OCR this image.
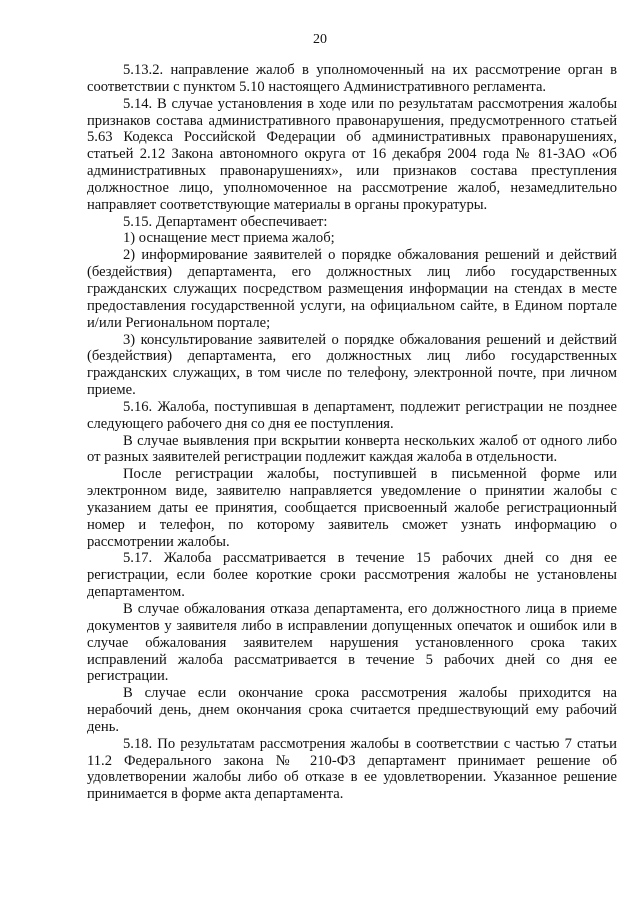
20

5.13.2. направление жалоб в уполномоченный на их рассмотрение орган в соответствии с пунктом 5.10 настоящего Административного регламента.

5.14. В случае установления в ходе или по результатам рассмотрения жалобы признаков состава административного правонарушения, предусмотренного статьей 5.63 Кодекса Российской Федерации об административных правонарушениях, статьей 2.12 Закона автономного округа от 16 декабря 2004 года № 81-ЗАО «Об административных правонарушениях», или признаков состава преступления должностное лицо, уполномоченное на рассмотрение жалоб, незамедлительно направляет соответствующие материалы в органы прокуратуры.

5.15. Департамент обеспечивает:

1) оснащение мест приема жалоб;

2) информирование заявителей о порядке обжалования решений и действий (бездействия) департамента, его должностных лиц либо государственных гражданских служащих посредством размещения информации на стендах в месте предоставления государственной услуги, на официальном сайте, в Едином портале и/или Региональном портале;

3) консультирование заявителей о порядке обжалования решений и действий (бездействия) департамента, его должностных лиц либо государственных гражданских служащих, в том числе по телефону, электронной почте, при личном приеме.

5.16. Жалоба, поступившая в департамент, подлежит регистрации не позднее следующего рабочего дня со дня ее поступления.

В случае выявления при вскрытии конверта нескольких жалоб от одного либо от разных заявителей регистрации подлежит каждая жалоба в отдельности.

После регистрации жалобы, поступившей в письменной форме или электронном виде, заявителю направляется уведомление о принятии жалобы с указанием даты ее принятия, сообщается присвоенный жалобе регистрационный номер и телефон, по которому заявитель сможет узнать информацию о рассмотрении жалобы.

5.17. Жалоба рассматривается в течение 15 рабочих дней со дня ее регистрации, если более короткие сроки рассмотрения жалобы не установлены департаментом.

В случае обжалования отказа департамента, его должностного лица в приеме документов у заявителя либо в исправлении допущенных опечаток и ошибок или в случае обжалования заявителем нарушения установленного срока таких исправлений жалоба рассматривается в течение 5 рабочих дней со дня ее регистрации.

В случае если окончание срока рассмотрения жалобы приходится на нерабочий день, днем окончания срока считается предшествующий ему рабочий день.

5.18. По результатам рассмотрения жалобы в соответствии с частью 7 статьи 11.2 Федерального закона № 210-ФЗ департамент принимает решение об удовлетворении жалобы либо об отказе в ее удовлетворении. Указанное решение принимается в форме акта департамента.
